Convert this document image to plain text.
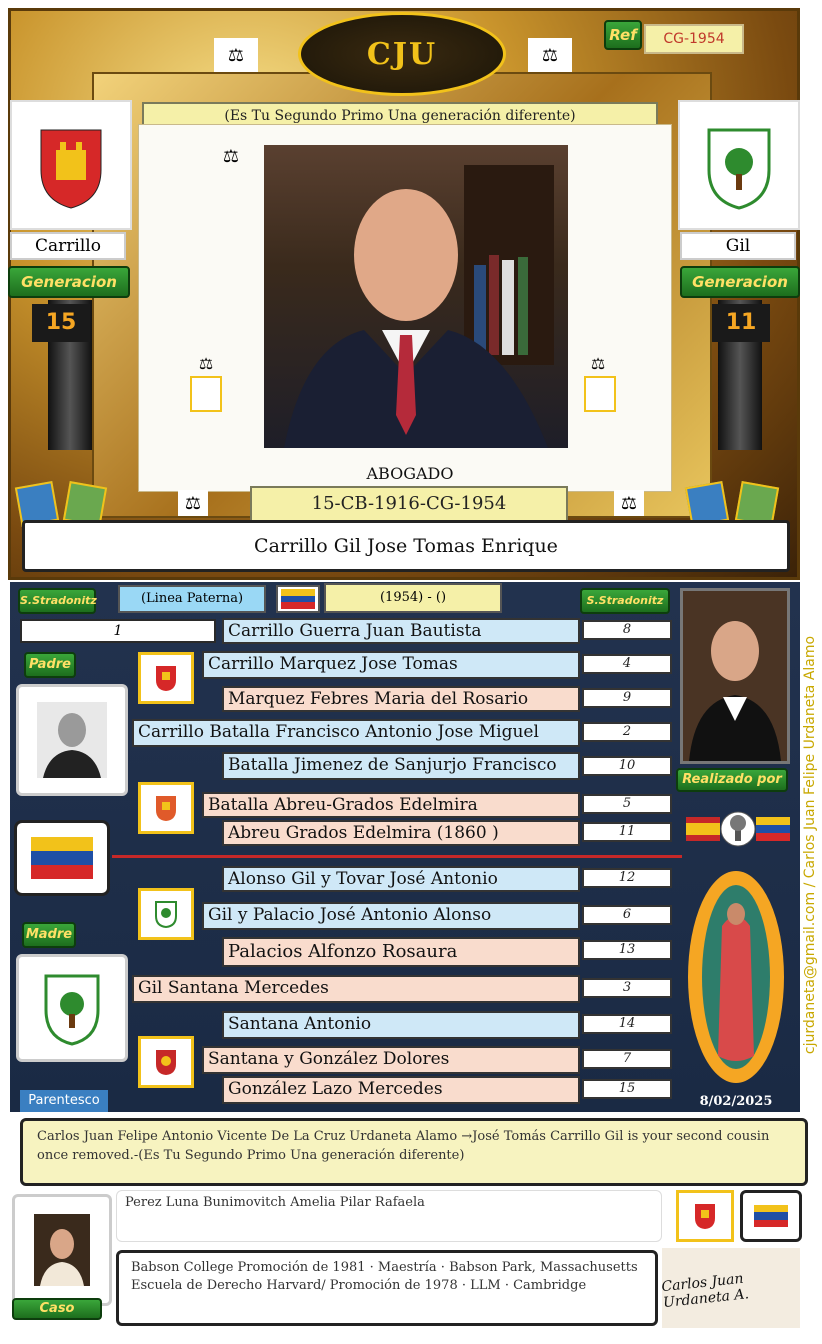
CJU
⚖	⚖
Ref	CG-1954
(Es Tu Segundo Primo Una generación diferente)
Carrillo
Generacion
15
Gil
Generacion
11
⚖
⚖	⚖
ABOGADO
15-CB-1916-CG-1954
⚖	⚖
Carrillo Gil Jose Tomas Enrique
S.Stradonitz	(Linea Paterna)	(1954) - ()	S.Stradonitz
1	Carrillo Guerra Juan Bautista	8
Carrillo Marquez Jose Tomas	4
Marquez Febres Maria del Rosario	9
Carrillo Batalla Francisco Antonio Jose Miguel	2
Batalla Jimenez de Sanjurjo Francisco	10
Batalla Abreu-Grados Edelmira	5
Abreu Grados Edelmira (1860 )	11
Alonso Gil y Tovar José Antonio	12
Gil y Palacio José Antonio Alonso	6
Palacios Alfonzo Rosaura	13
Gil Santana Mercedes	3
Santana Antonio	14
Santana y González Dolores	7
González Lazo Mercedes	15
Padre
Madre
Parentesco
Realizado por
8/02/2025
cjurdaneta@gmail.com / Carlos Juan Felipe Urdaneta Alamo
Carlos Juan Felipe Antonio Vicente De La Cruz Urdaneta Alamo →José Tomás Carrillo Gil is your second cousin once removed.-(Es Tu Segundo Primo Una generación diferente)
Caso
Perez Luna Bunimovitch Amelia Pilar Rafaela
Babson College Promoción de 1981 · Maestría · Babson Park, Massachusetts
Escuela de Derecho Harvard/ Promoción de 1978 · LLM · Cambridge	Carlos Juan Urdaneta A.
